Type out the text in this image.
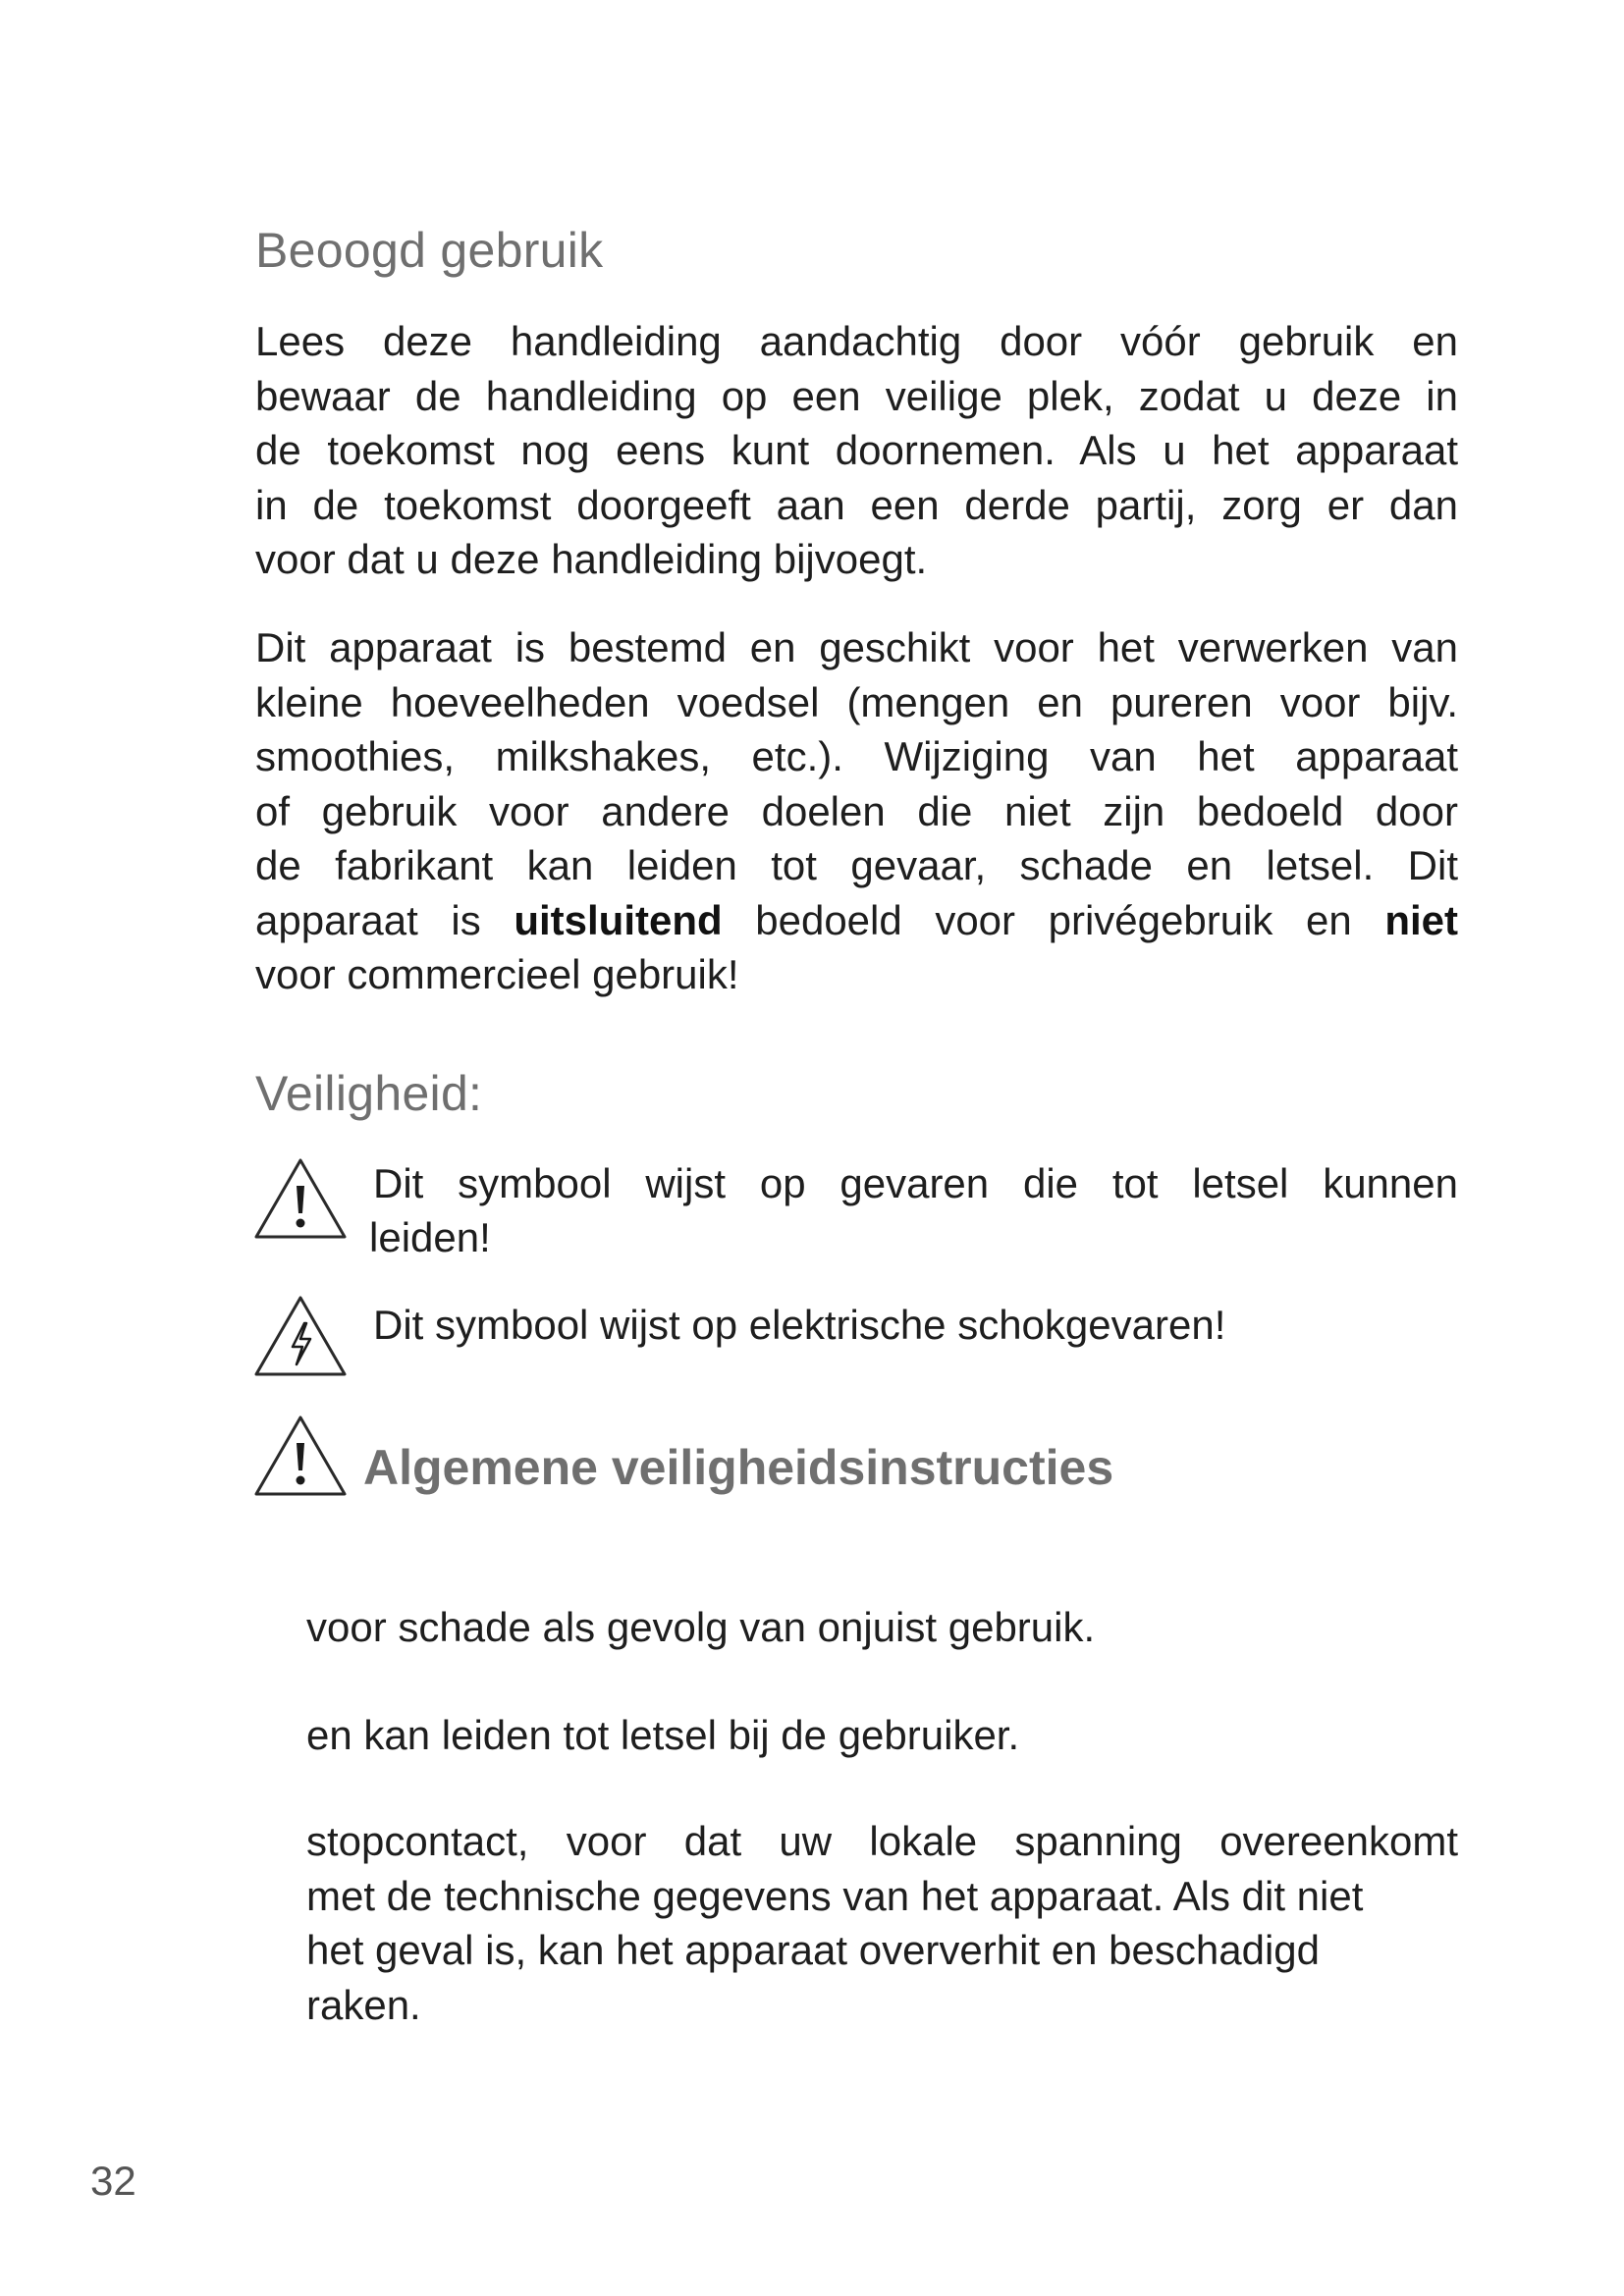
Beoogd gebruik

Lees deze handleiding aandachtig door vóór gebruik en
bewaar de handleiding op een veilige plek, zodat u deze in
de toekomst nog eens kunt doornemen. Als u het apparaat
in de toekomst doorgeeft aan een derde partij, zorg er dan
voor dat u deze handleiding bijvoegt.

Dit apparaat is bestemd en geschikt voor het verwerken van
kleine hoeveelheden voedsel (mengen en pureren voor bijv.
smoothies, milkshakes, etc.). Wijziging van het apparaat
of gebruik voor andere doelen die niet zijn bedoeld door
de fabrikant kan leiden tot gevaar, schade en letsel. Dit
apparaat is uitsluitend bedoeld voor privégebruik en niet
voor commercieel gebruik!

Veiligheid:

Dit symbool wijst op gevaren die tot letsel kunnen
leiden!

Dit symbool wijst op elektrische schokgevaren!

Algemene veiligheidsinstructies

voor schade als gevolg van onjuist gebruik.

en kan leiden tot letsel bij de gebruiker.

stopcontact, voor dat uw lokale spanning overeenkomt
met de technische gegevens van het apparaat. Als dit niet
het geval is, kan het apparaat oververhit en beschadigd
raken.

32
